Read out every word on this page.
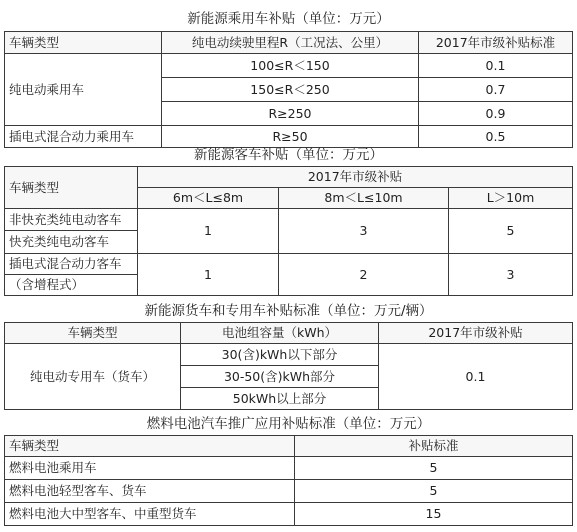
新能源乘用车补贴（单位：万元）
车辆类型	纯电动续驶里程R（工况法、公里）	2017年市级补贴标准
纯电动乘用车	100≤R＜150	0.1
	150≤R＜250	0.7
	R≥250	0.9
插电式混合动力乘用车	R≥50	0.5
新能源客车补贴（单位：万元）
车辆类型	2017年市级补贴		
	6m＜L≤8m	8m＜L≤10m	L＞10m
非快充类纯电动客车	1	3	5
快充类纯电动客车			
插电式混合动力客车	1	2	3
（含增程式）			
新能源货车和专用车补贴标准（单位：万元/辆）
车辆类型	电池组容量（kWh）	2017年市级补贴
纯电动专用车（货车）	30(含)kWh以下部分	0.1
	30-50(含)kWh部分	
	50kWh以上部分	
燃料电池汽车推广应用补贴标准（单位：万元）
车辆类型	补贴标准
燃料电池乘用车	5
燃料电池轻型客车、货车	5
燃料电池大中型客车、中重型货车	15
